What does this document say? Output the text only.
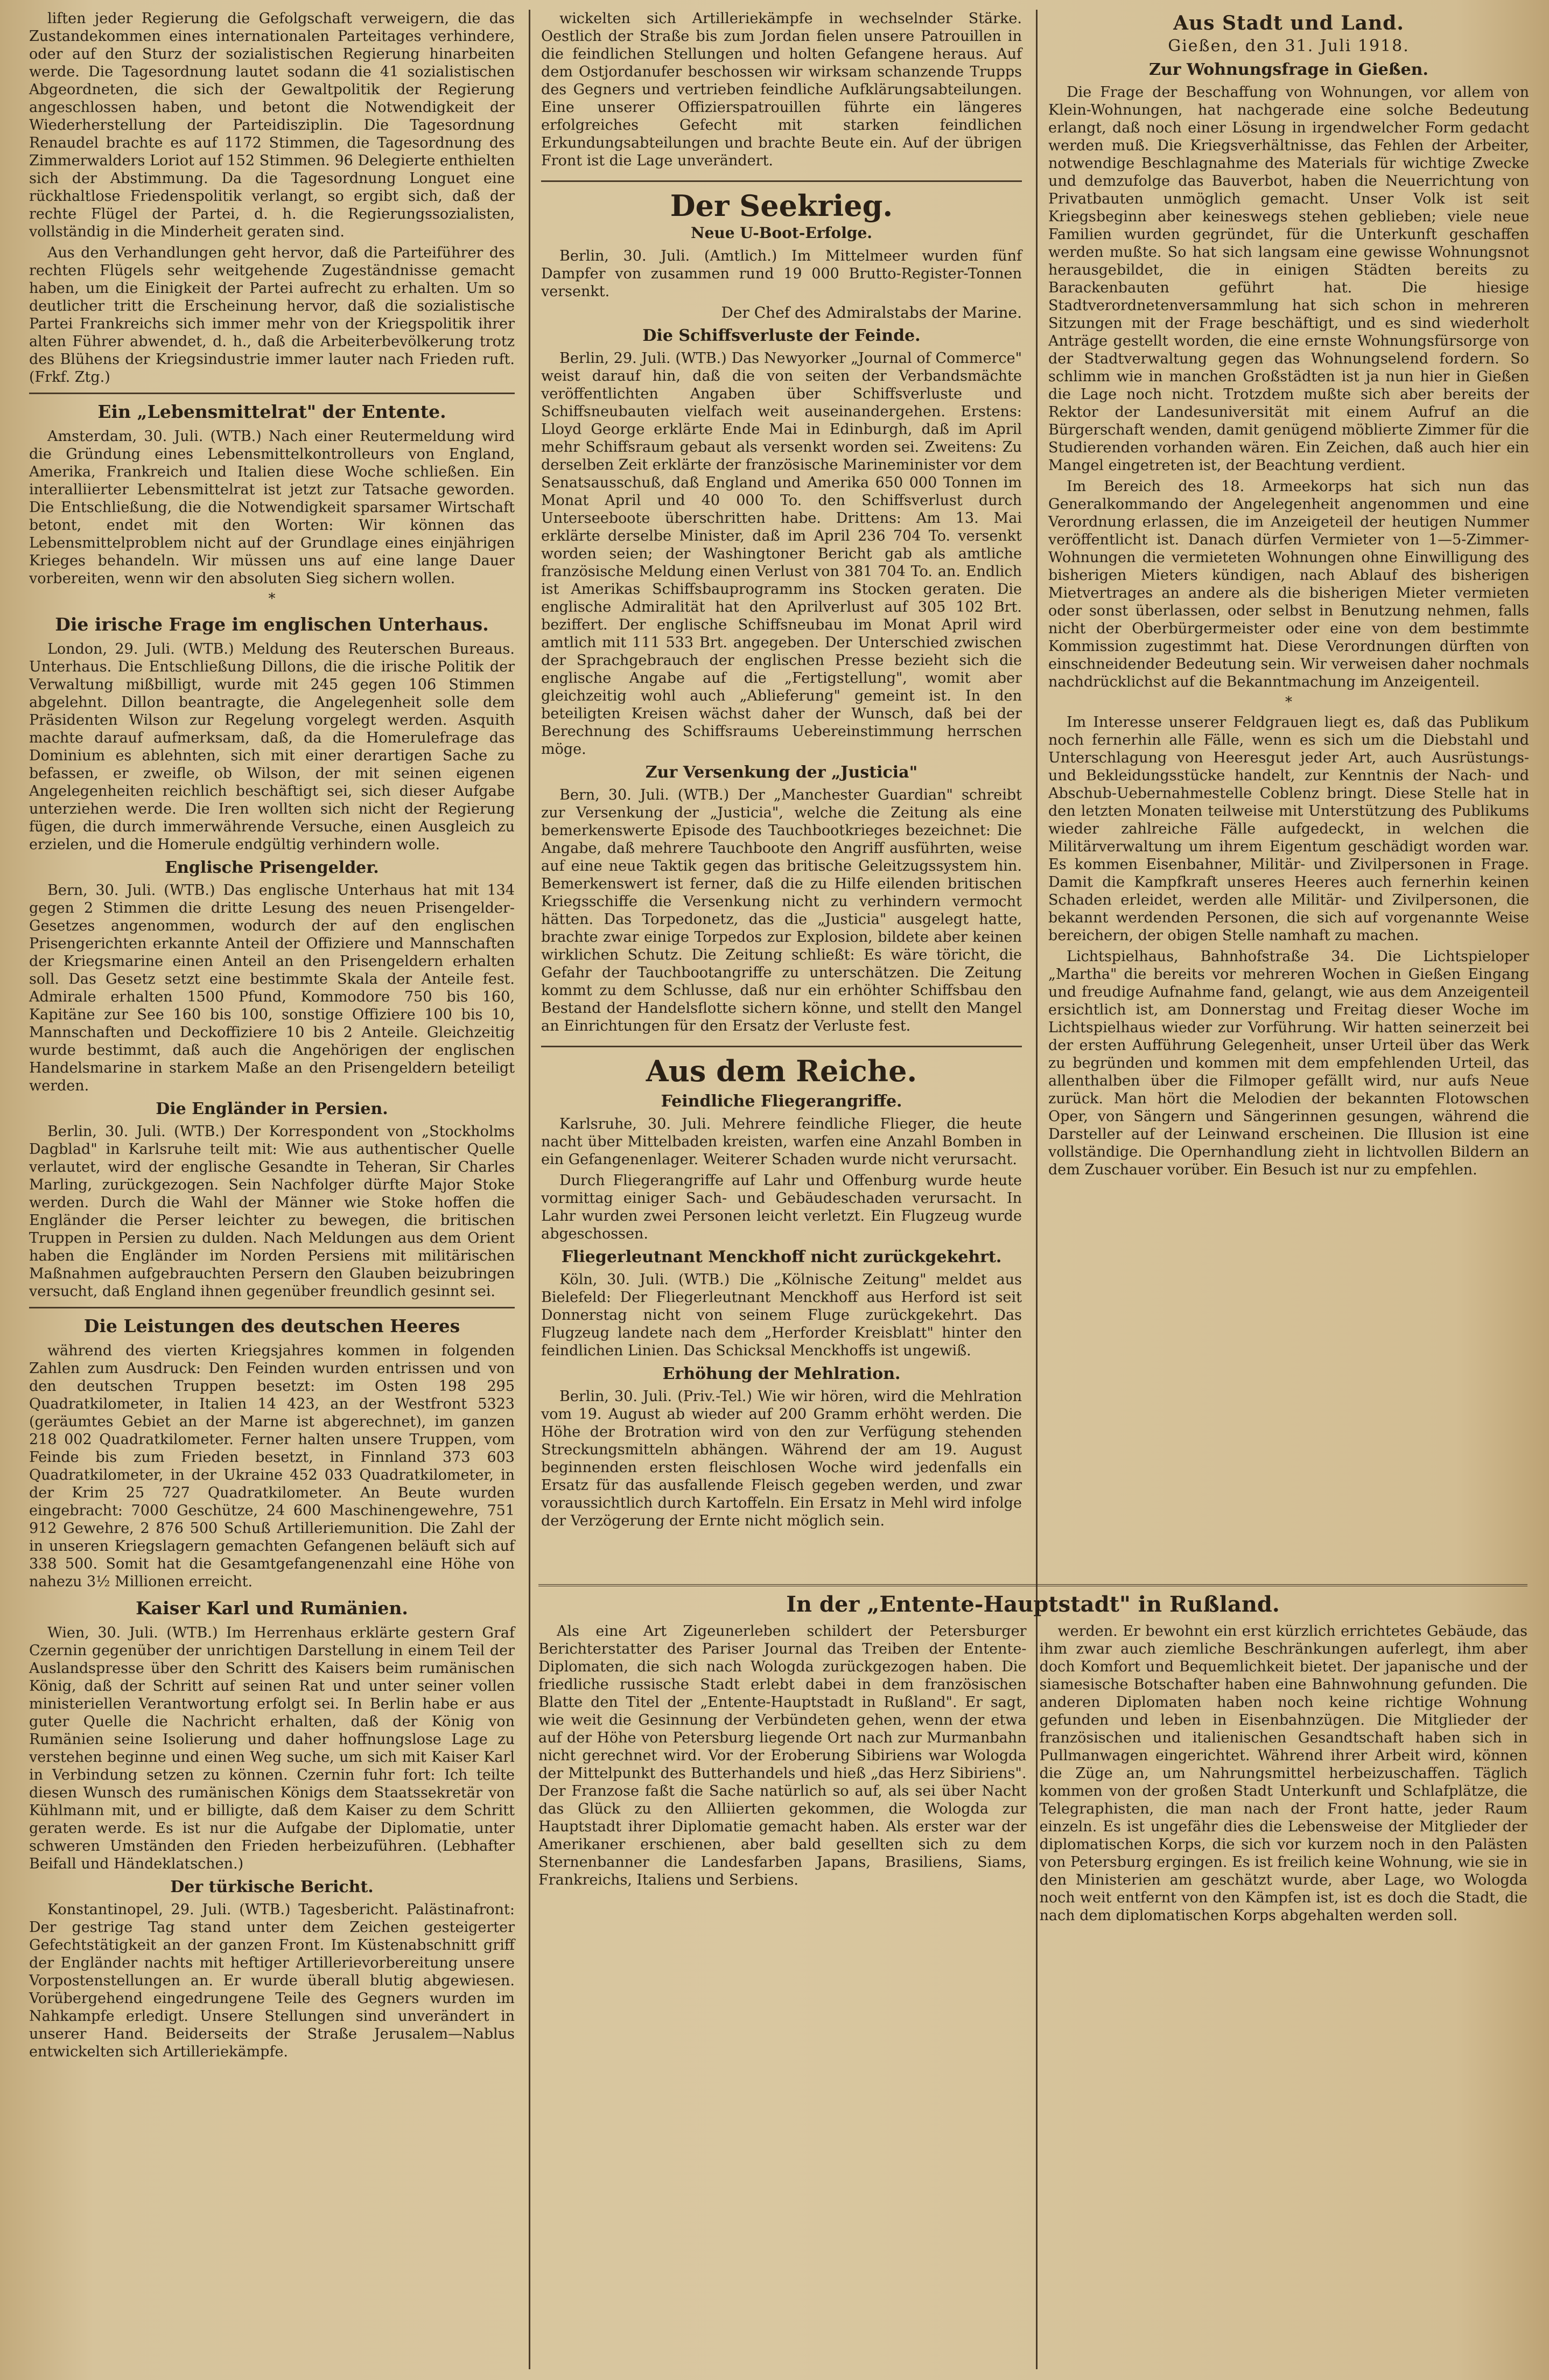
liften jeder Regierung die Gefolgschaft verweigern, die das Zustandekommen eines internationalen Parteitages verhindere, oder auf den Sturz der sozialistischen Regierung hinarbeiten werde. Die Tagesordnung lautet sodann die 41 sozialistischen Abgeordneten, die sich der Gewaltpolitik der Regierung angeschlossen haben, und betont die Notwendigkeit der Wiederherstellung der Parteidisziplin. Die Tagesordnung Renaudel brachte es auf 1172 Stimmen, die Tagesordnung des Zimmerwalders Loriot auf 152 Stimmen. 96 Delegierte enthielten sich der Abstimmung. Da die Tagesordnung Longuet eine rückhaltlose Friedenspolitik verlangt, so ergibt sich, daß der rechte Flügel der Partei, d. h. die Regierungssozialisten, vollständig in die Minderheit geraten sind.

Aus den Verhandlungen geht hervor, daß die Parteiführer des rechten Flügels sehr weitgehende Zugeständnisse gemacht haben, um die Einigkeit der Partei aufrecht zu erhalten. Um so deutlicher tritt die Erscheinung hervor, daß die sozialistische Partei Frankreichs sich immer mehr von der Kriegspolitik ihrer alten Führer abwendet, d. h., daß die Arbeiterbevölkerung trotz des Blühens der Kriegsindustrie immer lauter nach Frieden ruft. (Frkf. Ztg.)

Ein „Lebensmittelrat" der Entente.

Amsterdam, 30. Juli. (WTB.) Nach einer Reutermeldung wird die Gründung eines Lebensmittelkontrolleurs von England, Amerika, Frankreich und Italien diese Woche schließen. Ein interalliierter Lebensmittelrat ist jetzt zur Tatsache geworden. Die Entschließung, die die Notwendigkeit sparsamer Wirtschaft betont, endet mit den Worten: Wir können das Lebensmittelproblem nicht auf der Grundlage eines einjährigen Krieges behandeln. Wir müssen uns auf eine lange Dauer vorbereiten, wenn wir den absoluten Sieg sichern wollen.

*
Die irische Frage im englischen Unterhaus.

London, 29. Juli. (WTB.) Meldung des Reuterschen Bureaus. Unterhaus. Die Entschließung Dillons, die die irische Politik der Verwaltung mißbilligt, wurde mit 245 gegen 106 Stimmen abgelehnt. Dillon beantragte, die Angelegenheit solle dem Präsidenten Wilson zur Regelung vorgelegt werden. Asquith machte darauf aufmerksam, daß, da die Homerulefrage das Dominium es ablehnten, sich mit einer derartigen Sache zu befassen, er zweifle, ob Wilson, der mit seinen eigenen Angelegenheiten reichlich beschäftigt sei, sich dieser Aufgabe unterziehen werde. Die Iren wollten sich nicht der Regierung fügen, die durch immerwährende Versuche, einen Ausgleich zu erzielen, und die Homerule endgültig verhindern wolle.

Englische Prisengelder.

Bern, 30. Juli. (WTB.) Das englische Unterhaus hat mit 134 gegen 2 Stimmen die dritte Lesung des neuen Prisengelder-Gesetzes angenommen, wodurch der auf den englischen Prisengerichten erkannte Anteil der Offiziere und Mannschaften der Kriegsmarine einen Anteil an den Prisengeldern erhalten soll. Das Gesetz setzt eine bestimmte Skala der Anteile fest. Admirale erhalten 1500 Pfund, Kommodore 750 bis 160, Kapitäne zur See 160 bis 100, sonstige Offiziere 100 bis 10, Mannschaften und Deckoffiziere 10 bis 2 Anteile. Gleichzeitig wurde bestimmt, daß auch die Angehörigen der englischen Handelsmarine in starkem Maße an den Prisengeldern beteiligt werden.

Die Engländer in Persien.

Berlin, 30. Juli. (WTB.) Der Korrespondent von „Stockholms Dagblad" in Karlsruhe teilt mit: Wie aus authentischer Quelle verlautet, wird der englische Gesandte in Teheran, Sir Charles Marling, zurückgezogen. Sein Nachfolger dürfte Major Stoke werden. Durch die Wahl der Männer wie Stoke hoffen die Engländer die Perser leichter zu bewegen, die britischen Truppen in Persien zu dulden. Nach Meldungen aus dem Orient haben die Engländer im Norden Persiens mit militärischen Maßnahmen aufgebrauchten Persern den Glauben beizubringen versucht, daß England ihnen gegenüber freundlich gesinnt sei.

Die Leistungen des deutschen Heeres

während des vierten Kriegsjahres kommen in folgenden Zahlen zum Ausdruck: Den Feinden wurden entrissen und von den deutschen Truppen besetzt: im Osten 198 295 Quadratkilometer, in Italien 14 423, an der Westfront 5323 (geräumtes Gebiet an der Marne ist abgerechnet), im ganzen 218 002 Quadratkilometer. Ferner halten unsere Truppen, vom Feinde bis zum Frieden besetzt, in Finnland 373 603 Quadratkilometer, in der Ukraine 452 033 Quadratkilometer, in der Krim 25 727 Quadratkilometer. An Beute wurden eingebracht: 7000 Geschütze, 24 600 Maschinengewehre, 751 912 Gewehre, 2 876 500 Schuß Artilleriemunition. Die Zahl der in unseren Kriegslagern gemachten Gefangenen beläuft sich auf 338 500. Somit hat die Gesamtgefangenenzahl eine Höhe von nahezu 3½ Millionen erreicht.

Kaiser Karl und Rumänien.

Wien, 30. Juli. (WTB.) Im Herrenhaus erklärte gestern Graf Czernin gegenüber der unrichtigen Darstellung in einem Teil der Auslandspresse über den Schritt des Kaisers beim rumänischen König, daß der Schritt auf seinen Rat und unter seiner vollen ministeriellen Verantwortung erfolgt sei. In Berlin habe er aus guter Quelle die Nachricht erhalten, daß der König von Rumänien seine Isolierung und daher hoffnungslose Lage zu verstehen beginne und einen Weg suche, um sich mit Kaiser Karl in Verbindung setzen zu können. Czernin fuhr fort: Ich teilte diesen Wunsch des rumänischen Königs dem Staatssekretär von Kühlmann mit, und er billigte, daß dem Kaiser zu dem Schritt geraten werde. Es ist nur die Aufgabe der Diplomatie, unter schweren Umständen den Frieden herbeizuführen. (Lebhafter Beifall und Händeklatschen.)

Der türkische Bericht.

Konstantinopel, 29. Juli. (WTB.) Tagesbericht. Palästinafront: Der gestrige Tag stand unter dem Zeichen gesteigerter Gefechtstätigkeit an der ganzen Front. Im Küstenabschnitt griff der Engländer nachts mit heftiger Artillerievorbereitung unsere Vorpostenstellungen an. Er wurde überall blutig abgewiesen. Vorübergehend eingedrungene Teile des Gegners wurden im Nahkampfe erledigt. Unsere Stellungen sind unverändert in unserer Hand. Beiderseits der Straße Jerusalem—Nablus entwickelten sich Artilleriekämpfe.

wickelten sich Artilleriekämpfe in wechselnder Stärke. Oestlich der Straße bis zum Jordan fielen unsere Patrouillen in die feindlichen Stellungen und holten Gefangene heraus. Auf dem Ostjordanufer beschossen wir wirksam schanzende Trupps des Gegners und vertrieben feindliche Aufklärungsabteilungen. Eine unserer Offizierspatrouillen führte ein längeres erfolgreiches Gefecht mit starken feindlichen Erkundungsabteilungen und brachte Beute ein. Auf der übrigen Front ist die Lage unverändert.

Der Seekrieg.
Neue U-Boot-Erfolge.

Berlin, 30. Juli. (Amtlich.) Im Mittelmeer wurden fünf Dampfer von zusammen rund 19 000 Brutto-Register-Tonnen versenkt.

Der Chef des Admiralstabs der Marine.
Die Schiffsverluste der Feinde.

Berlin, 29. Juli. (WTB.) Das Newyorker „Journal of Commerce" weist darauf hin, daß die von seiten der Verbandsmächte veröffentlichten Angaben über Schiffsverluste und Schiffsneubauten vielfach weit auseinandergehen. Erstens: Lloyd George erklärte Ende Mai in Edinburgh, daß im April mehr Schiffsraum gebaut als versenkt worden sei. Zweitens: Zu derselben Zeit erklärte der französische Marineminister vor dem Senatsausschuß, daß England und Amerika 650 000 Tonnen im Monat April und 40 000 To. den Schiffsverlust durch Unterseeboote überschritten habe. Drittens: Am 13. Mai erklärte derselbe Minister, daß im April 236 704 To. versenkt worden seien; der Washingtoner Bericht gab als amtliche französische Meldung einen Verlust von 381 704 To. an. Endlich ist Amerikas Schiffsbauprogramm ins Stocken geraten. Die englische Admiralität hat den Aprilverlust auf 305 102 Brt. beziffert. Der englische Schiffsneubau im Monat April wird amtlich mit 111 533 Brt. angegeben. Der Unterschied zwischen der Sprachgebrauch der englischen Presse bezieht sich die englische Angabe auf die „Fertigstellung", womit aber gleichzeitig wohl auch „Ablieferung" gemeint ist. In den beteiligten Kreisen wächst daher der Wunsch, daß bei der Berechnung des Schiffsraums Uebereinstimmung herrschen möge.

Zur Versenkung der „Justicia"

Bern, 30. Juli. (WTB.) Der „Manchester Guardian" schreibt zur Versenkung der „Justicia", welche die Zeitung als eine bemerkenswerte Episode des Tauchbootkrieges bezeichnet: Die Angabe, daß mehrere Tauchboote den Angriff ausführten, weise auf eine neue Taktik gegen das britische Geleitzugssystem hin. Bemerkenswert ist ferner, daß die zu Hilfe eilenden britischen Kriegsschiffe die Versenkung nicht zu verhindern vermocht hätten. Das Torpedonetz, das die „Justicia" ausgelegt hatte, brachte zwar einige Torpedos zur Explosion, bildete aber keinen wirklichen Schutz. Die Zeitung schließt: Es wäre töricht, die Gefahr der Tauchbootangriffe zu unterschätzen. Die Zeitung kommt zu dem Schlusse, daß nur ein erhöhter Schiffsbau den Bestand der Handelsflotte sichern könne, und stellt den Mangel an Einrichtungen für den Ersatz der Verluste fest.

Aus dem Reiche.
Feindliche Fliegerangriffe.

Karlsruhe, 30. Juli. Mehrere feindliche Flieger, die heute nacht über Mittelbaden kreisten, warfen eine Anzahl Bomben in ein Gefangenenlager. Weiterer Schaden wurde nicht verursacht.

Durch Fliegerangriffe auf Lahr und Offenburg wurde heute vormittag einiger Sach- und Gebäudeschaden verursacht. In Lahr wurden zwei Personen leicht verletzt. Ein Flugzeug wurde abgeschossen.

Fliegerleutnant Menckhoff nicht zurückgekehrt.

Köln, 30. Juli. (WTB.) Die „Kölnische Zeitung" meldet aus Bielefeld: Der Fliegerleutnant Menckhoff aus Herford ist seit Donnerstag nicht von seinem Fluge zurückgekehrt. Das Flugzeug landete nach dem „Herforder Kreisblatt" hinter den feindlichen Linien. Das Schicksal Menckhoffs ist ungewiß.

Erhöhung der Mehlration.

Berlin, 30. Juli. (Priv.-Tel.) Wie wir hören, wird die Mehlration vom 19. August ab wieder auf 200 Gramm erhöht werden. Die Höhe der Brotration wird von den zur Verfügung stehenden Streckungsmitteln abhängen. Während der am 19. August beginnenden ersten fleischlosen Woche wird jedenfalls ein Ersatz für das ausfallende Fleisch gegeben werden, und zwar voraussichtlich durch Kartoffeln. Ein Ersatz in Mehl wird infolge der Verzögerung der Ernte nicht möglich sein.

Aus Stadt und Land.
Gießen, den 31. Juli 1918.
Zur Wohnungsfrage in Gießen.

Die Frage der Beschaffung von Wohnungen, vor allem von Klein-Wohnungen, hat nachgerade eine solche Bedeutung erlangt, daß noch einer Lösung in irgendwelcher Form gedacht werden muß. Die Kriegsverhältnisse, das Fehlen der Arbeiter, notwendige Beschlagnahme des Materials für wichtige Zwecke und demzufolge das Bauverbot, haben die Neuerrichtung von Privatbauten unmöglich gemacht. Unser Volk ist seit Kriegsbeginn aber keineswegs stehen geblieben; viele neue Familien wurden gegründet, für die Unterkunft geschaffen werden mußte. So hat sich langsam eine gewisse Wohnungsnot herausgebildet, die in einigen Städten bereits zu Barackenbauten geführt hat. Die hiesige Stadtverordnetenversammlung hat sich schon in mehreren Sitzungen mit der Frage beschäftigt, und es sind wiederholt Anträge gestellt worden, die eine ernste Wohnungsfürsorge von der Stadtverwaltung gegen das Wohnungselend fordern. So schlimm wie in manchen Großstädten ist ja nun hier in Gießen die Lage noch nicht. Trotzdem mußte sich aber bereits der Rektor der Landesuniversität mit einem Aufruf an die Bürgerschaft wenden, damit genügend möblierte Zimmer für die Studierenden vorhanden wären. Ein Zeichen, daß auch hier ein Mangel eingetreten ist, der Beachtung verdient.

Im Bereich des 18. Armeekorps hat sich nun das Generalkommando der Angelegenheit angenommen und eine Verordnung erlassen, die im Anzeigeteil der heutigen Nummer veröffentlicht ist. Danach dürfen Vermieter von 1—5-Zimmer-Wohnungen die vermieteten Wohnungen ohne Einwilligung des bisherigen Mieters kündigen, nach Ablauf des bisherigen Mietvertrages an andere als die bisherigen Mieter vermieten oder sonst überlassen, oder selbst in Benutzung nehmen, falls nicht der Oberbürgermeister oder eine von dem bestimmte Kommission zugestimmt hat. Diese Verordnungen dürften von einschneidender Bedeutung sein. Wir verweisen daher nochmals nachdrücklichst auf die Bekanntmachung im Anzeigenteil.

*

Im Interesse unserer Feldgrauen liegt es, daß das Publikum noch fernerhin alle Fälle, wenn es sich um die Diebstahl und Unterschlagung von Heeresgut jeder Art, auch Ausrüstungs- und Bekleidungsstücke handelt, zur Kenntnis der Nach- und Abschub-Uebernahmestelle Coblenz bringt. Diese Stelle hat in den letzten Monaten teilweise mit Unterstützung des Publikums wieder zahlreiche Fälle aufgedeckt, in welchen die Militärverwaltung um ihrem Eigentum geschädigt worden war. Es kommen Eisenbahner, Militär- und Zivilpersonen in Frage. Damit die Kampfkraft unseres Heeres auch fernerhin keinen Schaden erleidet, werden alle Militär- und Zivilpersonen, die bekannt werdenden Personen, die sich auf vorgenannte Weise bereichern, der obigen Stelle namhaft zu machen.

Lichtspielhaus, Bahnhofstraße 34. Die Lichtspieloper „Martha" die bereits vor mehreren Wochen in Gießen Eingang und freudige Aufnahme fand, gelangt, wie aus dem Anzeigenteil ersichtlich ist, am Donnerstag und Freitag dieser Woche im Lichtspielhaus wieder zur Vorführung. Wir hatten seinerzeit bei der ersten Aufführung Gelegenheit, unser Urteil über das Werk zu begründen und kommen mit dem empfehlenden Urteil, das allenthalben über die Filmoper gefällt wird, nur aufs Neue zurück. Man hört die Melodien der bekannten Flotowschen Oper, von Sängern und Sängerinnen gesungen, während die Darsteller auf der Leinwand erscheinen. Die Illusion ist eine vollständige. Die Opernhandlung zieht in lichtvollen Bildern an dem Zuschauer vorüber. Ein Besuch ist nur zu empfehlen.

In der „Entente-Hauptstadt" in Rußland.

Als eine Art Zigeunerleben schildert der Petersburger Berichterstatter des Pariser Journal das Treiben der Entente-Diplomaten, die sich nach Wologda zurückgezogen haben. Die friedliche russische Stadt erlebt dabei in dem französischen Blatte den Titel der „Entente-Hauptstadt in Rußland". Er sagt, wie weit die Gesinnung der Verbündeten gehen, wenn der etwa auf der Höhe von Petersburg liegende Ort nach zur Murmanbahn nicht gerechnet wird. Vor der Eroberung Sibiriens war Wologda der Mittelpunkt des Butterhandels und hieß „das Herz Sibiriens". Der Franzose faßt die Sache natürlich so auf, als sei über Nacht das Glück zu den Alliierten gekommen, die Wologda zur Hauptstadt ihrer Diplomatie gemacht haben. Als erster war der Amerikaner erschienen, aber bald gesellten sich zu dem Sternenbanner die Landesfarben Japans, Brasiliens, Siams, Frankreichs, Italiens und Serbiens.

werden. Er bewohnt ein erst kürzlich errichtetes Gebäude, das ihm zwar auch ziemliche Beschränkungen auferlegt, ihm aber doch Komfort und Bequemlichkeit bietet. Der japanische und der siamesische Botschafter haben eine Bahnwohnung gefunden. Die anderen Diplomaten haben noch keine richtige Wohnung gefunden und leben in Eisenbahnzügen. Die Mitglieder der französischen und italienischen Gesandtschaft haben sich in Pullmanwagen eingerichtet. Während ihrer Arbeit wird, können die Züge an, um Nahrungsmittel herbeizuschaffen. Täglich kommen von der großen Stadt Unterkunft und Schlafplätze, die Telegraphisten, die man nach der Front hatte, jeder Raum einzeln. Es ist ungefähr dies die Lebensweise der Mitglieder der diplomatischen Korps, die sich vor kurzem noch in den Palästen von Petersburg ergingen. Es ist freilich keine Wohnung, wie sie in den Ministerien am geschätzt wurde, aber Lage, wo Wologda noch weit entfernt von den Kämpfen ist, ist es doch die Stadt, die nach dem diplomatischen Korps abgehalten werden soll.
